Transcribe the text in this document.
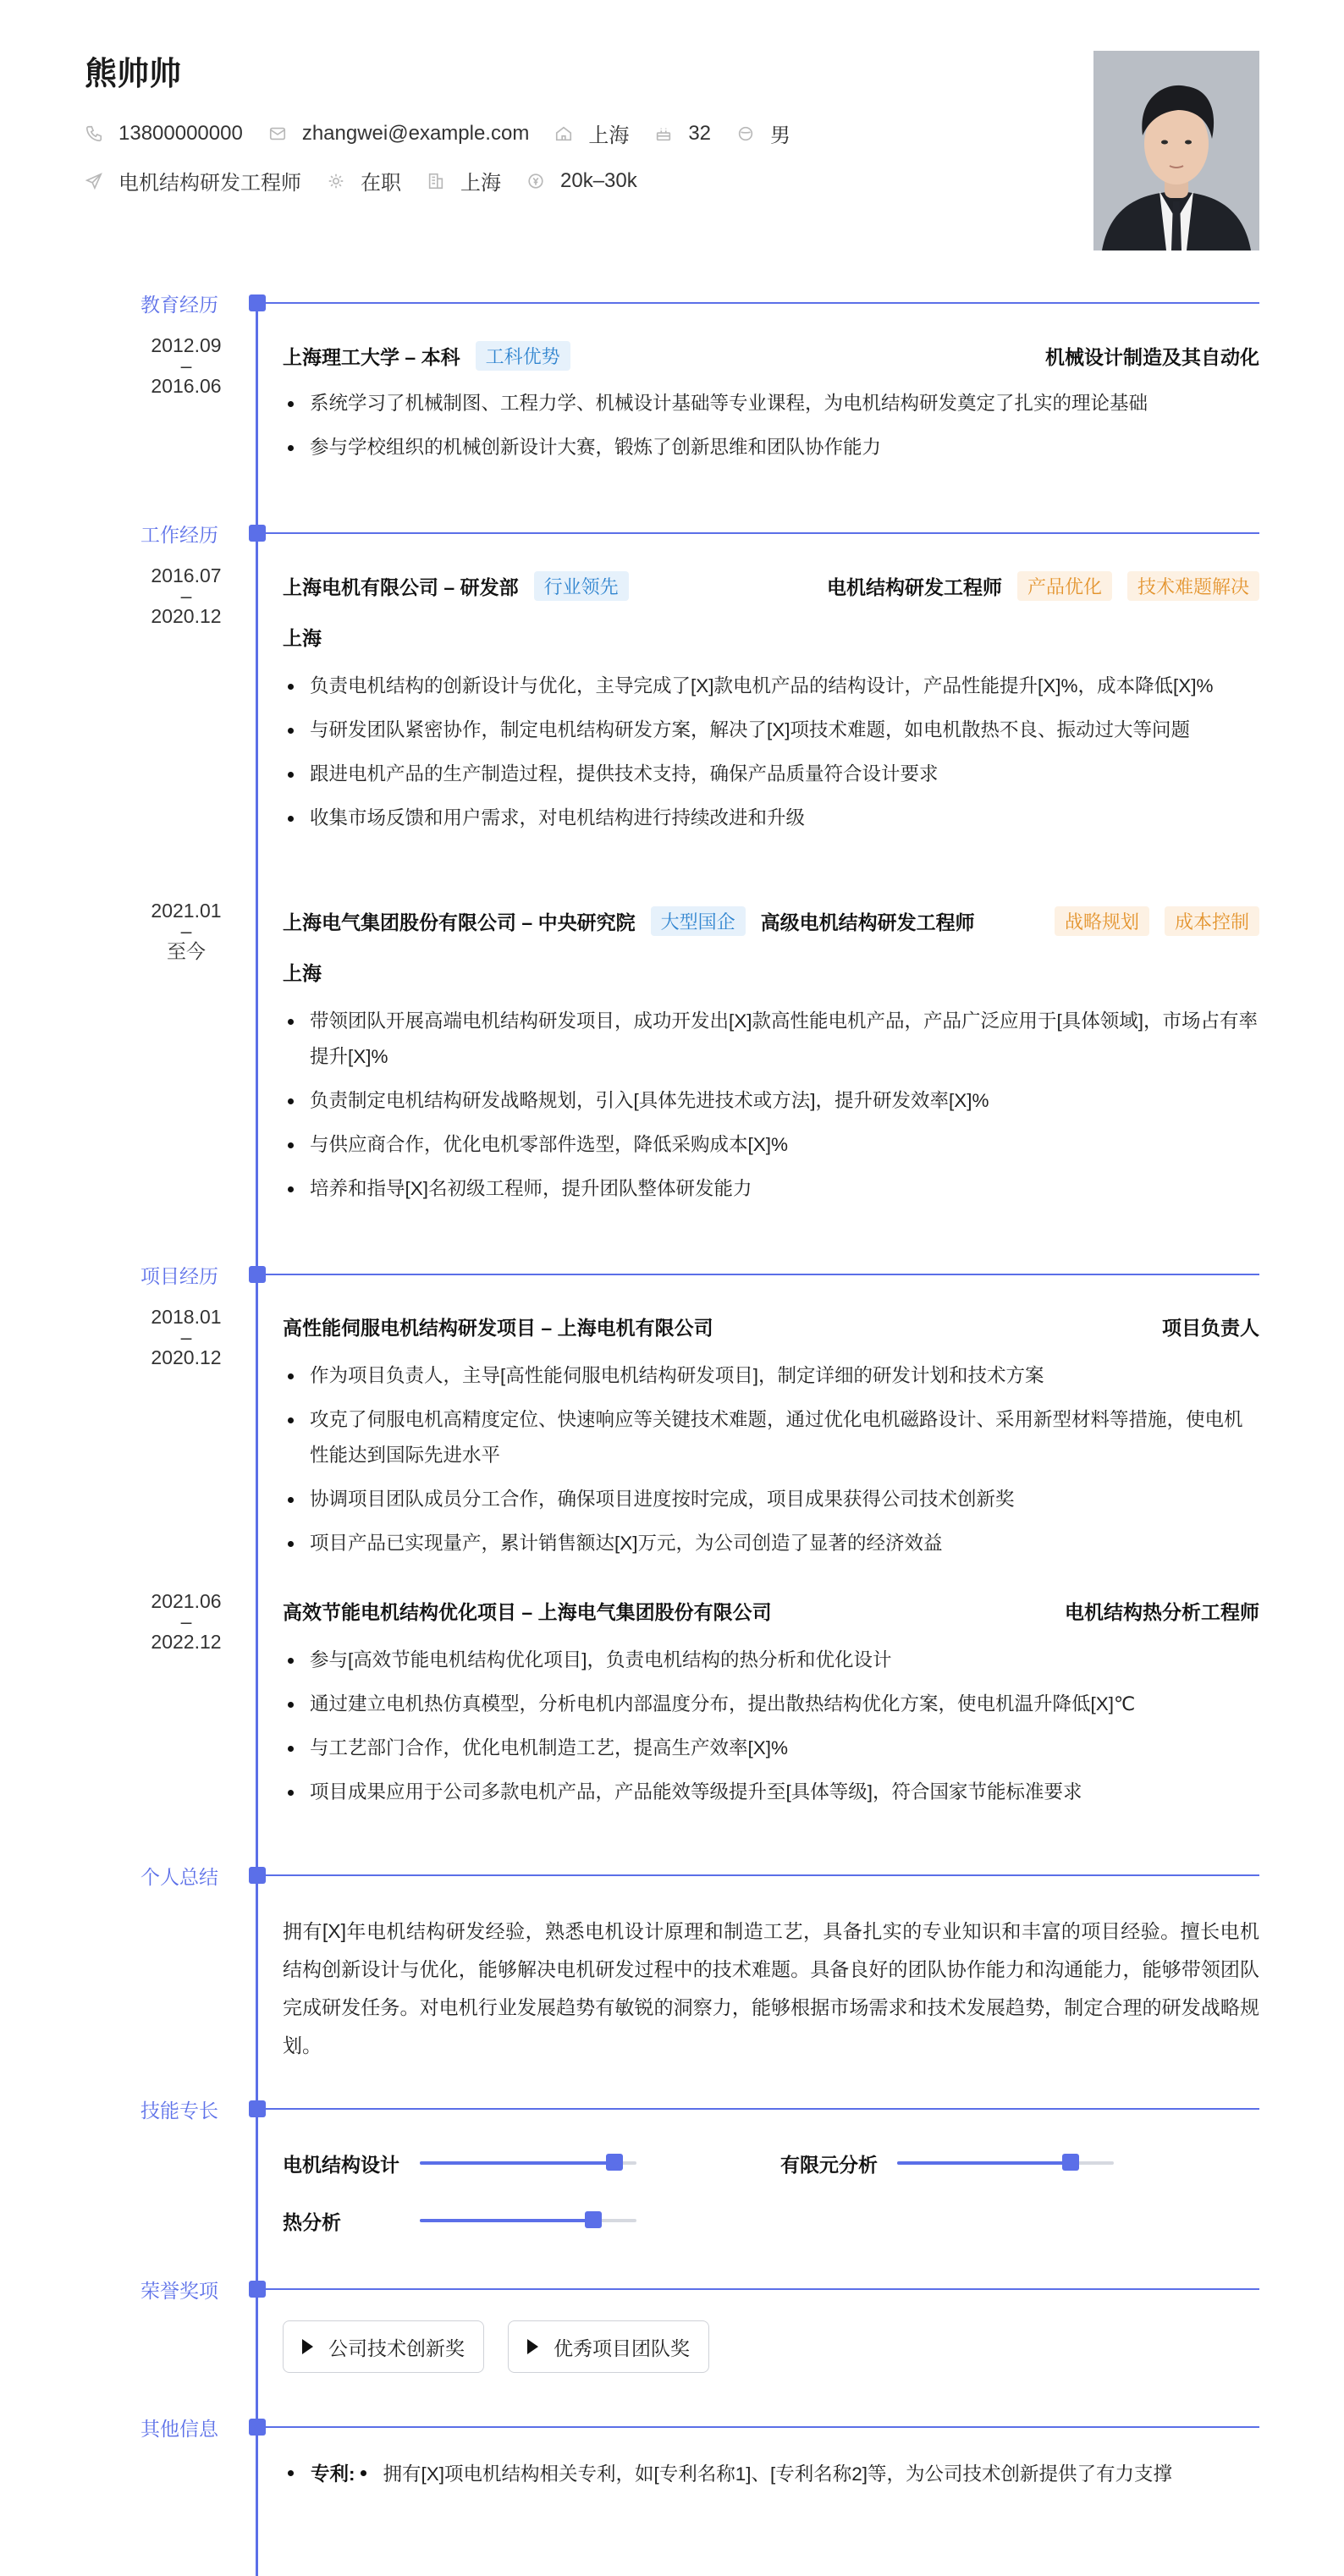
熊帅帅
13800000000	zhangwei@example.com	上海	32	男
电机结构研发工程师	在职	上海	20k–30k
教育经历
2012.09
–
2016.06
上海理工大学 – 本科	工科优势	机械设计制造及其自动化
系统学习了机械制图、工程力学、机械设计基础等专业课程，为电机结构研发奠定了扎实的理论基础
参与学校组织的机械创新设计大赛，锻炼了创新思维和团队协作能力
工作经历
2016.07
–
2020.12
上海电机有限公司 – 研发部	行业领先	电机结构研发工程师	产品优化	技术难题解决
上海
负责电机结构的创新设计与优化，主导完成了[X]款电机产品的结构设计，产品性能提升[X]%，成本降低[X]%
与研发团队紧密协作，制定电机结构研发方案，解决了[X]项技术难题，如电机散热不良、振动过大等问题
跟进电机产品的生产制造过程，提供技术支持，确保产品质量符合设计要求
收集市场反馈和用户需求，对电机结构进行持续改进和升级
2021.01
–
至今
上海电气集团股份有限公司 – 中央研究院	大型国企	高级电机结构研发工程师	战略规划	成本控制
上海
带领团队开展高端电机结构研发项目，成功开发出[X]款高性能电机产品，产品广泛应用于[具体领域]，市场占有率提升[X]%
负责制定电机结构研发战略规划，引入[具体先进技术或方法]，提升研发效率[X]%
与供应商合作，优化电机零部件选型，降低采购成本[X]%
培养和指导[X]名初级工程师，提升团队整体研发能力
项目经历
2018.01
–
2020.12
高性能伺服电机结构研发项目 – 上海电机有限公司	项目负责人
作为项目负责人，主导[高性能伺服电机结构研发项目]，制定详细的研发计划和技术方案
攻克了伺服电机高精度定位、快速响应等关键技术难题，通过优化电机磁路设计、采用新型材料等措施，使电机性能达到国际先进水平
协调项目团队成员分工合作，确保项目进度按时完成，项目成果获得公司技术创新奖
项目产品已实现量产，累计销售额达[X]万元，为公司创造了显著的经济效益
2021.06
–
2022.12
高效节能电机结构优化项目 – 上海电气集团股份有限公司	电机结构热分析工程师
参与[高效节能电机结构优化项目]，负责电机结构的热分析和优化设计
通过建立电机热仿真模型，分析电机内部温度分布，提出散热结构优化方案，使电机温升降低[X]℃
与工艺部门合作，优化电机制造工艺，提高生产效率[X]%
项目成果应用于公司多款电机产品，产品能效等级提升至[具体等级]，符合国家节能标准要求
个人总结
拥有[X]年电机结构研发经验，熟悉电机设计原理和制造工艺，具备扎实的专业知识和丰富的项目经验。擅长电机结构创新设计与优化，能够解决电机研发过程中的技术难题。具备良好的团队协作能力和沟通能力，能够带领团队完成研发任务。对电机行业发展趋势有敏锐的洞察力，能够根据市场需求和技术发展趋势，制定合理的研发战略规划。
技能专长
电机结构设计	有限元分析
热分析
荣誉奖项
公司技术创新奖	优秀项目团队奖
其他信息
专利: 拥有[X]项电机结构相关专利，如[专利名称1]、[专利名称2]等，为公司技术创新提供了有力支撑
